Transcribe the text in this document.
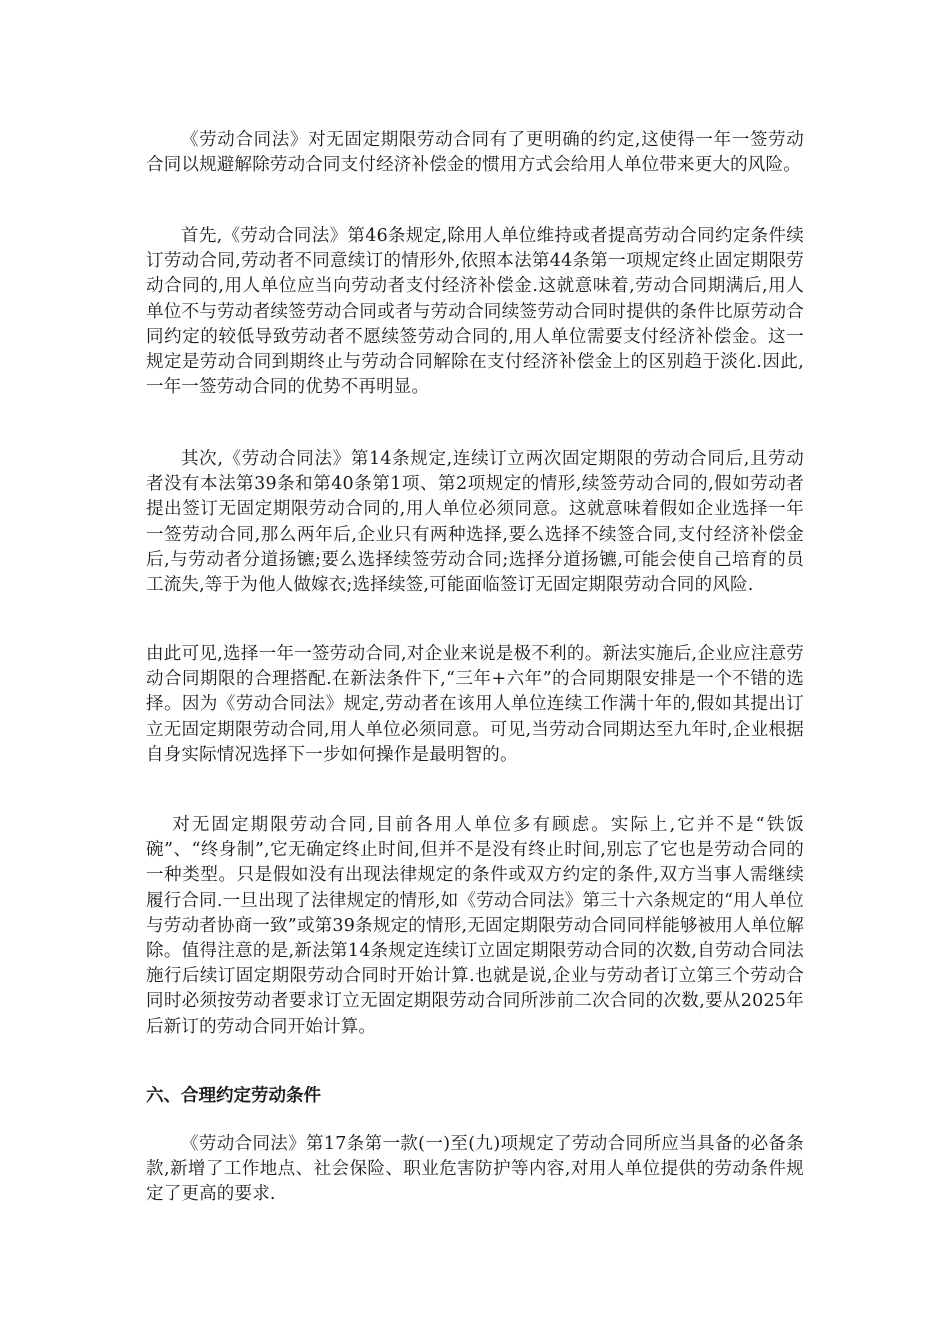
《劳动合同法》对无固定期限劳动合同有了更明确的约定,这使得一年一签劳动合同以规避解除劳动合同支付经济补偿金的惯用方式会给用人单位带来更大的风险。

首先,《劳动合同法》第46条规定,除用人单位维持或者提高劳动合同约定条件续订劳动合同,劳动者不同意续订的情形外,依照本法第44条第一项规定终止固定期限劳动合同的,用人单位应当向劳动者支付经济补偿金.这就意味着,劳动合同期满后,用人单位不与劳动者续签劳动合同或者与劳动合同续签劳动合同时提供的条件比原劳动合同约定的较低导致劳动者不愿续签劳动合同的,用人单位需要支付经济补偿金。这一规定是劳动合同到期终止与劳动合同解除在支付经济补偿金上的区别趋于淡化.因此,一年一签劳动合同的优势不再明显。

其次,《劳动合同法》第14条规定,连续订立两次固定期限的劳动合同后,且劳动者没有本法第39条和第40条第1项、第2项规定的情形,续签劳动合同的,假如劳动者提出签订无固定期限劳动合同的,用人单位必须同意。这就意味着假如企业选择一年一签劳动合同,那么两年后,企业只有两种选择,要么选择不续签合同,支付经济补偿金后,与劳动者分道扬镳;要么选择续签劳动合同;选择分道扬镳,可能会使自己培育的员工流失,等于为他人做嫁衣;选择续签,可能面临签订无固定期限劳动合同的风险.

由此可见,选择一年一签劳动合同,对企业来说是极不利的。新法实施后,企业应注意劳动合同期限的合理搭配.在新法条件下,“三年+六年”的合同期限安排是一个不错的选择。因为《劳动合同法》规定,劳动者在该用人单位连续工作满十年的,假如其提出订立无固定期限劳动合同,用人单位必须同意。可见,当劳动合同期达至九年时,企业根据自身实际情况选择下一步如何操作是最明智的。

对无固定期限劳动合同,目前各用人单位多有顾虑。实际上,它并不是“铁饭碗”、“终身制”,它无确定终止时间,但并不是没有终止时间,别忘了它也是劳动合同的一种类型。只是假如没有出现法律规定的条件或双方约定的条件,双方当事人需继续履行合同.一旦出现了法律规定的情形,如《劳动合同法》第三十六条规定的“用人单位与劳动者协商一致”或第39条规定的情形,无固定期限劳动合同同样能够被用人单位解除。值得注意的是,新法第14条规定连续订立固定期限劳动合同的次数,自劳动合同法施行后续订固定期限劳动合同时开始计算.也就是说,企业与劳动者订立第三个劳动合同时必须按劳动者要求订立无固定期限劳动合同所涉前二次合同的次数,要从2025年后新订的劳动合同开始计算。

六、合理约定劳动条件

《劳动合同法》第17条第一款(一)至(九)项规定了劳动合同所应当具备的必备条款,新增了工作地点、社会保险、职业危害防护等内容,对用人单位提供的劳动条件规定了更高的要求.
